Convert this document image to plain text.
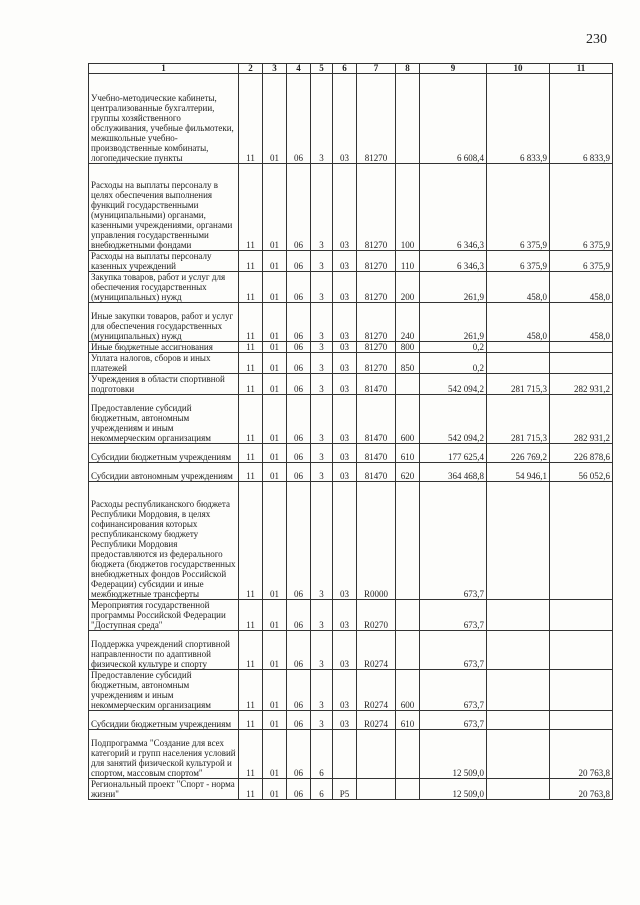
230
1	2	3	4	5	6	7	8	9	10	11
Учебно-методические кабинеты, централизованные бухгалтерии, группы хозяйственного обслуживания, учебные фильмотеки, межшкольные учебно-производственные комбинаты, логопедические пункты	11	01	06	3	03	81270		6 608,4	6 833,9	6 833,9
Расходы на выплаты персоналу в целях обеспечения выполнения функций государственными (муниципальными) органами, казенными учреждениями, органами управления государственными внебюджетными фондами	11	01	06	3	03	81270	100	6 346,3	6 375,9	6 375,9
Расходы на выплаты персоналу казенных учреждений	11	01	06	3	03	81270	110	6 346,3	6 375,9	6 375,9
Закупка товаров, работ и услуг для обеспечения государственных (муниципальных) нужд	11	01	06	3	03	81270	200	261,9	458,0	458,0
Иные закупки товаров, работ и услуг для обеспечения государственных (муниципальных) нужд	11	01	06	3	03	81270	240	261,9	458,0	458,0
Иные бюджетные ассигнования	11	01	06	3	03	81270	800	0,2		
Уплата налогов, сборов и иных платежей	11	01	06	3	03	81270	850	0,2		
Учреждения в области спортивной подготовки	11	01	06	3	03	81470		542 094,2	281 715,3	282 931,2
Предоставление субсидий бюджетным, автономным учреждениям и иным некоммерческим организациям	11	01	06	3	03	81470	600	542 094,2	281 715,3	282 931,2
Субсидии бюджетным учреждениям	11	01	06	3	03	81470	610	177 625,4	226 769,2	226 878,6
Субсидии автономным учреждениям	11	01	06	3	03	81470	620	364 468,8	54 946,1	56 052,6
Расходы республиканского бюджета Республики Мордовия, в целях софинансирования которых республиканскому бюджету Республики Мордовия предоставляются из федерального бюджета (бюджетов государственных внебюджетных фондов Российской Федерации) субсидии и иные межбюджетные трансферты	11	01	06	3	03	R0000		673,7		
Мероприятия государственной программы Российской Федерации "Доступная среда"	11	01	06	3	03	R0270		673,7		
Поддержка учреждений спортивной направленности по адаптивной физической культуре и спорту	11	01	06	3	03	R0274		673,7		
Предоставление субсидий бюджетным, автономным учреждениям и иным некоммерческим организациям	11	01	06	3	03	R0274	600	673,7		
Субсидии бюджетным учреждениям	11	01	06	3	03	R0274	610	673,7		
Подпрограмма "Создание для всех категорий и групп населения условий для занятий физической культурой и спортом, массовым спортом"	11	01	06	6				12 509,0		20 763,8
Региональный проект "Спорт - норма жизни"	11	01	06	6	P5			12 509,0		20 763,8
